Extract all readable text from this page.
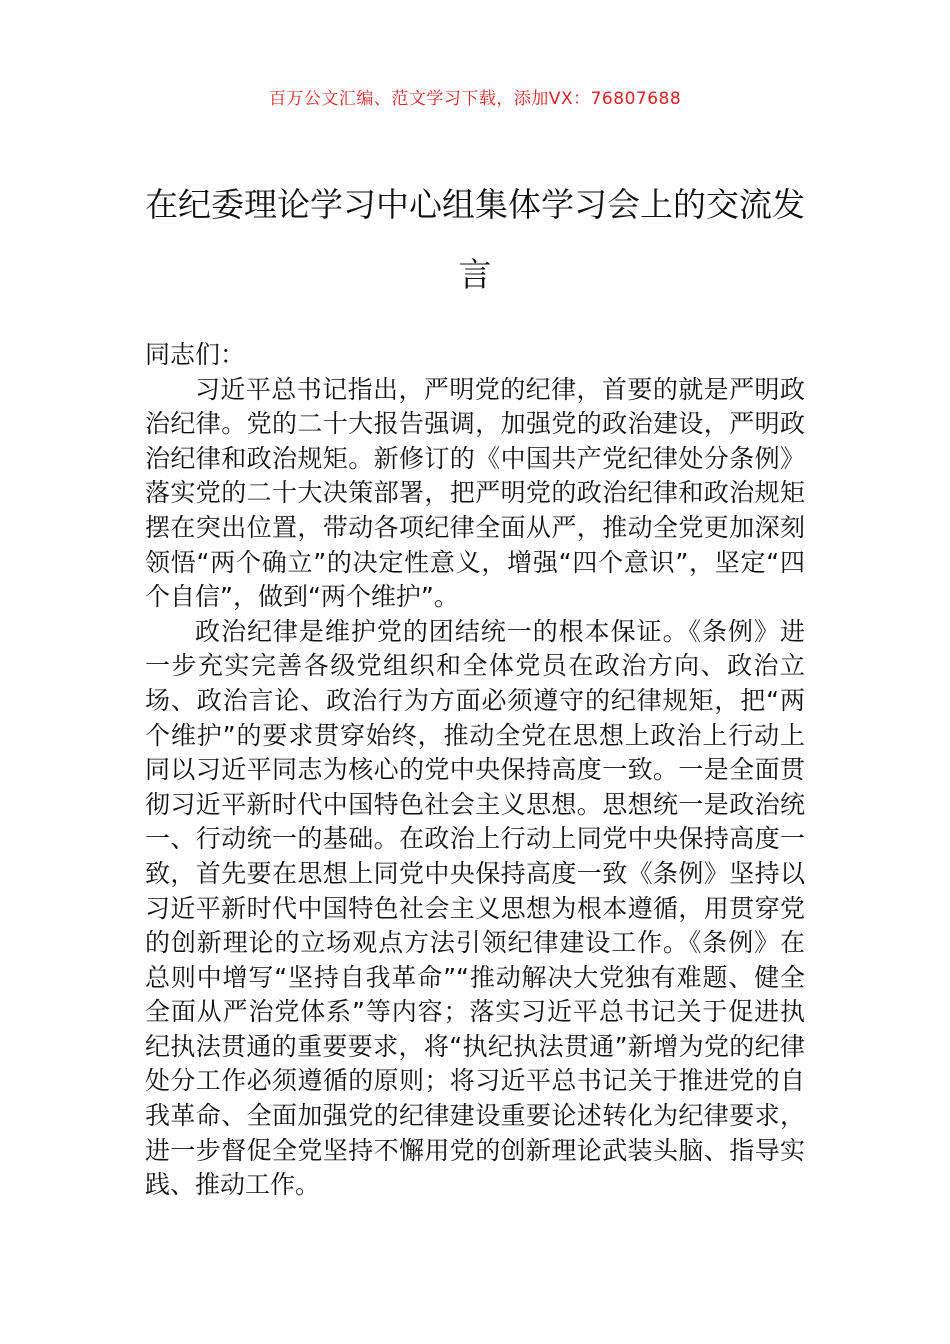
百万公文汇编、范文学习下载，添加VX：76807688
在纪委理论学习中心组集体学习会上的交流发言

同志们：

习近平总书记指出，严明党的纪律，首要的就是严明政治纪律。党的二十大报告强调，加强党的政治建设，严明政治纪律和政治规矩。新修订的《中国共产党纪律处分条例》落实党的二十大决策部署，把严明党的政治纪律和政治规矩摆在突出位置，带动各项纪律全面从严，推动全党更加深刻领悟“两个确立”的决定性意义，增强“四个意识”，坚定“四个自信”，做到“两个维护”。

政治纪律是维护党的团结统一的根本保证。《条例》进一步充实完善各级党组织和全体党员在政治方向、政治立场、政治言论、政治行为方面必须遵守的纪律规矩，把“两个维护”的要求贯穿始终，推动全党在思想上政治上行动上同以习近平同志为核心的党中央保持高度一致。一是全面贯彻习近平新时代中国特色社会主义思想。思想统一是政治统一、行动统一的基础。在政治上行动上同党中央保持高度一致，首先要在思想上同党中央保持高度一致《条例》坚持以习近平新时代中国特色社会主义思想为根本遵循，用贯穿党的创新理论的立场观点方法引领纪律建设工作。《条例》在总则中增写“坚持自我革命”“推动解决大党独有难题、健全全面从严治党体系”等内容；落实习近平总书记关于促进执纪执法贯通的重要要求，将“执纪执法贯通”新增为党的纪律处分工作必须遵循的原则；将习近平总书记关于推进党的自我革命、全面加强党的纪律建设重要论述转化为纪律要求，进一步督促全党坚持不懈用党的创新理论武装头脑、指导实践、推动工作。
